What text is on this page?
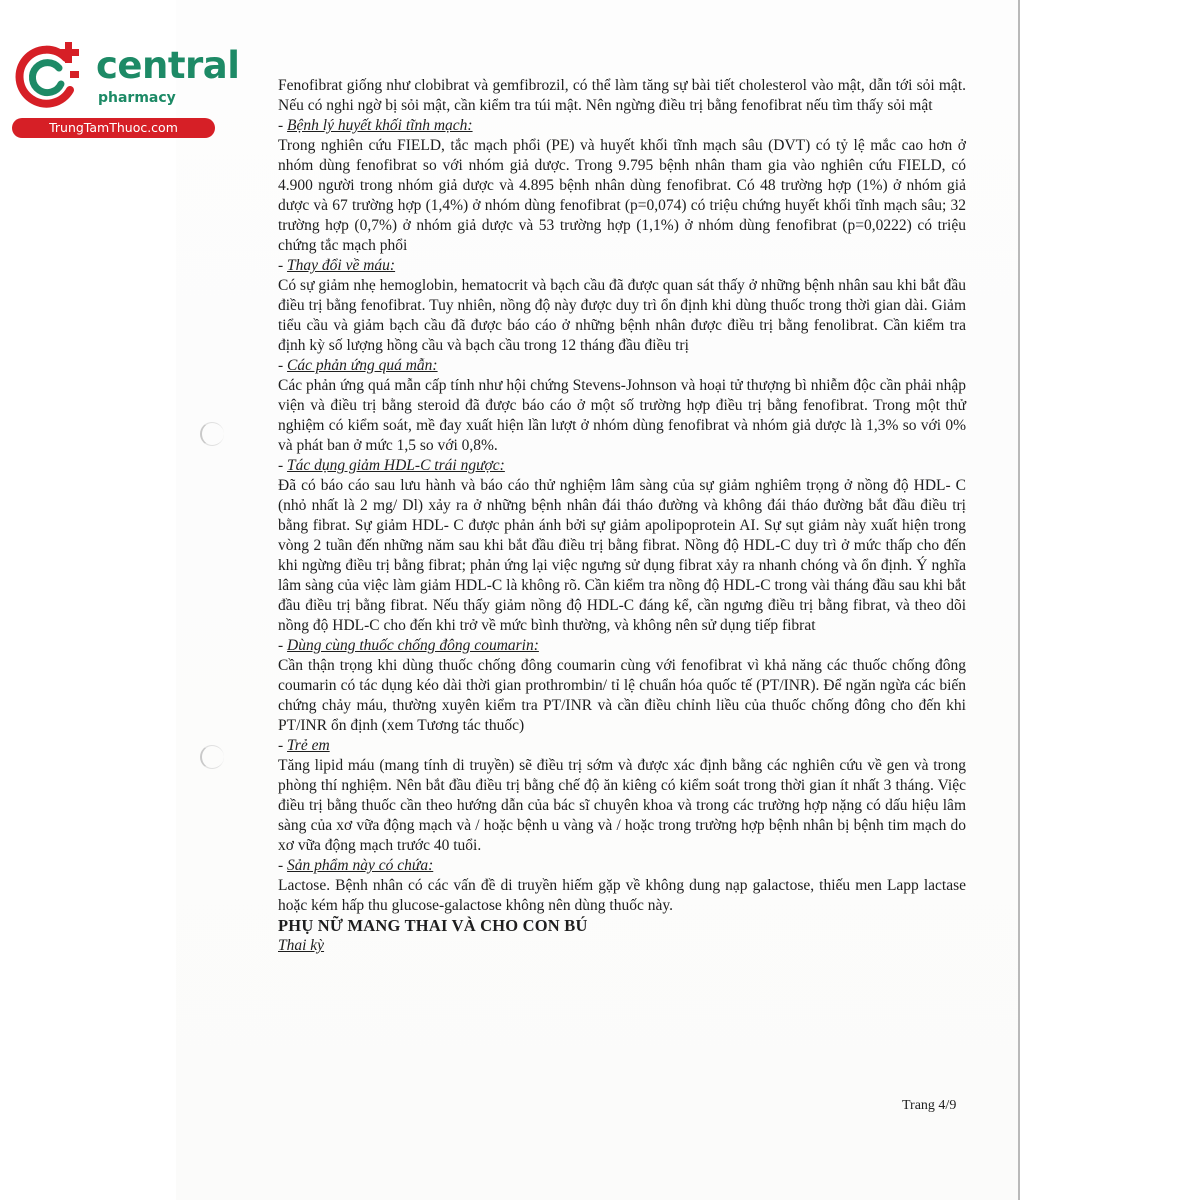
central
pharmacy
TrungTamThuoc.com

Fenofibrat giống như clobibrat và gemfibrozil, có thể làm tăng sự bài tiết cholesterol vào mật, dẫn tới sỏi mật. Nếu có nghi ngờ bị sỏi mật, cần kiểm tra túi mật. Nên ngừng điều trị bằng fenofibrat nếu tìm thấy sỏi mật

- Bệnh lý huyết khối tĩnh mạch:

Trong nghiên cứu FIELD, tắc mạch phổi (PE) và huyết khối tĩnh mạch sâu (DVT) có tỷ lệ mắc cao hơn ở nhóm dùng fenofibrat so với nhóm giả dược. Trong 9.795 bệnh nhân tham gia vào nghiên cứu FIELD, có 4.900 người trong nhóm giả dược và 4.895 bệnh nhân dùng fenofibrat. Có 48 trường hợp (1%) ở nhóm giả dược và 67 trường hợp (1,4%) ở nhóm dùng fenofibrat (p=0,074) có triệu chứng huyết khối tĩnh mạch sâu; 32 trường hợp (0,7%) ở nhóm giả dược và 53 trường hợp (1,1%) ở nhóm dùng fenofibrat (p=0,0222) có triệu chứng tắc mạch phổi

- Thay đổi về máu:

Có sự giảm nhẹ hemoglobin, hematocrit và bạch cầu đã được quan sát thấy ở những bệnh nhân sau khi bắt đầu điều trị bằng fenofibrat. Tuy nhiên, nồng độ này được duy trì ổn định khi dùng thuốc trong thời gian dài. Giảm tiểu cầu và giảm bạch cầu đã được báo cáo ở những bệnh nhân được điều trị bằng fenolibrat. Cần kiểm tra định kỳ số lượng hồng cầu và bạch cầu trong 12 tháng đầu điều trị

- Các phản ứng quá mẫn:

Các phản ứng quá mẫn cấp tính như hội chứng Stevens-Johnson và hoại tử thượng bì nhiễm độc cần phải nhập viện và điều trị bằng steroid đã được báo cáo ở một số trường hợp điều trị bằng fenofibrat. Trong một thử nghiệm có kiểm soát, mề đay xuất hiện lần lượt ở nhóm dùng fenofibrat và nhóm giả dược là 1,3% so với 0% và phát ban ở mức 1,5 so với 0,8%.

- Tác dụng giảm HDL-C trái ngược:

Đã có báo cáo sau lưu hành và báo cáo thử nghiệm lâm sàng của sự giảm nghiêm trọng ở nồng độ HDL- C (nhỏ nhất là 2 mg/ Dl) xảy ra ở những bệnh nhân đái tháo đường và không đái tháo đường bắt đầu điều trị bằng fibrat. Sự giảm HDL- C được phản ánh bởi sự giảm apolipoprotein AI. Sự sụt giảm này xuất hiện trong vòng 2 tuần đến những năm sau khi bắt đầu điều trị bằng fibrat. Nồng độ HDL-C duy trì ở mức thấp cho đến khi ngừng điều trị bằng fibrat; phản ứng lại việc ngưng sử dụng fibrat xảy ra nhanh chóng và ổn định. Ý nghĩa lâm sàng của việc làm giảm HDL-C là không rõ. Cần kiểm tra nồng độ HDL-C trong vài tháng đầu sau khi bắt đầu điều trị bằng fibrat. Nếu thấy giảm nồng độ HDL-C đáng kể, cần ngưng điều trị bằng fibrat, và theo dõi nồng độ HDL-C cho đến khi trở về mức bình thường, và không nên sử dụng tiếp fibrat

- Dùng cùng thuốc chống đông coumarin:

Cần thận trọng khi dùng thuốc chống đông coumarin cùng với fenofibrat vì khả năng các thuốc chống đông coumarin có tác dụng kéo dài thời gian prothrombin/ tỉ lệ chuẩn hóa quốc tế (PT/INR). Để ngăn ngừa các biến chứng chảy máu, thường xuyên kiểm tra PT/INR và cần điều chỉnh liều của thuốc chống đông cho đến khi PT/INR ổn định (xem Tương tác thuốc)

- Trẻ em

Tăng lipid máu (mang tính di truyền) sẽ điều trị sớm và được xác định bằng các nghiên cứu về gen và trong phòng thí nghiệm. Nên bắt đầu điều trị bằng chế độ ăn kiêng có kiểm soát trong thời gian ít nhất 3 tháng. Việc điều trị bằng thuốc cần theo hướng dẫn của bác sĩ chuyên khoa và trong các trường hợp nặng có dấu hiệu lâm sàng của xơ vữa động mạch và / hoặc bệnh u vàng và / hoặc trong trường hợp bệnh nhân bị bệnh tim mạch do xơ vữa động mạch trước 40 tuổi.

- Sản phẩm này có chứa:

Lactose. Bệnh nhân có các vấn đề di truyền hiếm gặp về không dung nạp galactose, thiếu men Lapp lactase hoặc kém hấp thu glucose-galactose không nên dùng thuốc này.

PHỤ NỮ MANG THAI VÀ CHO CON BÚ

Thai kỳ

Trang 4/9
